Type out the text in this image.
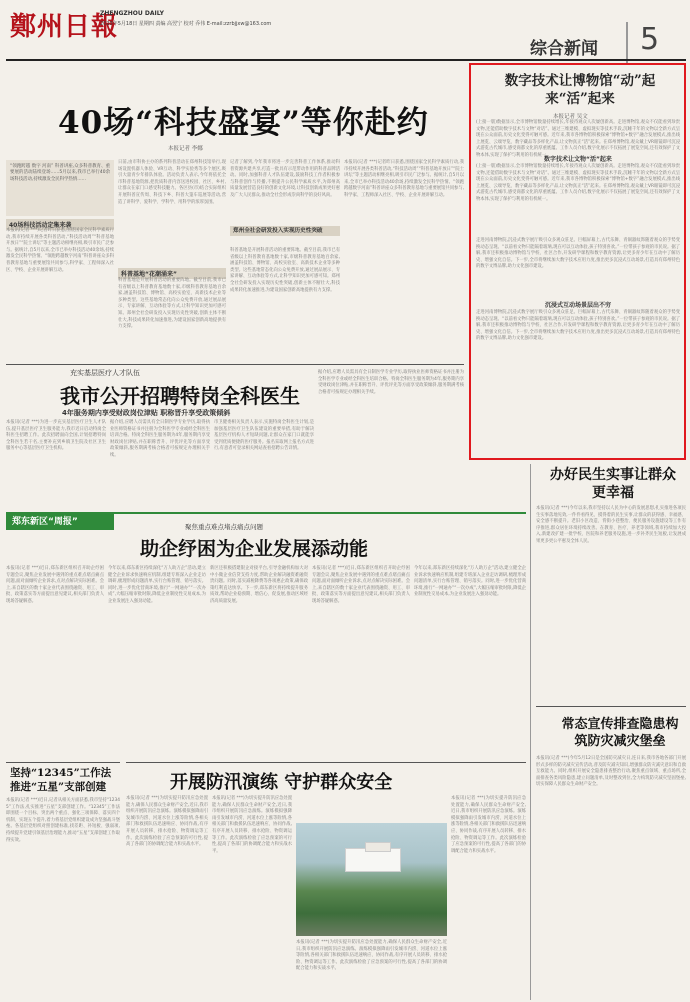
鄭州日報
ZHENGZHOU DAILY
2023年5月18日 星期四 责编 高翌宁 校对 乔伟 E-mail:zzrbjjxw@163.com
综合新闻	5
40场“科技盛宴”等你赴约
本报记者 李娜
“领跑跨越 数字 河南” 科普讲座,众多科普教育、重要展的活动陆续登场……5月以来,我市已举行40余场科技活动,持续激发全民科学热情……
40场科技活动定集来袭
本报讯(记者 ***)记者昨日获悉,围绕国家全民科学素质行动,我市持续开展各类科普活动,“科技活动周”“科普基地开放日”“院士讲坛”等主题活动相继亮相,吸引市民广泛参与。据统计,自5月以来,全市已举办科技活动40余场,持续激发全民科学热情。“领跑跨越数字河南”科普讲座众多科普教育基地与重要展馆共同参与,科学家、工程师深入社区、学校、企业开展讲解互动。
日前,由市科协主办的系列科普活动在郑州科技馆举行,现场设置机器人体验、VR互动、科学实验秀等多个展区,吸引大量青少年排队体验。活动负责人表示,今年将依托全市科普基地资源,把优质科普内容送进校园、社区、乡村,让群众在家门口感受科技魅力。各区县(市)结合实际组织开展科普宣传周、科技下乡、科普大篷车巡展等活动,营造了讲科学、爱科学、学科学、用科学的浓厚氛围。
科普基地“花潮涌来”
科普基地是开展科普活动的重要阵地。截至目前,我市已有省级以上科普教育基地数十家,市级科普教育基地百余家,涵盖科技馆、博物馆、高校实验室、高新技术企业等多种类型。这些基地常态化向公众免费开放,通过展品展示、专家讲解、互动体验等方式,让科学知识更加可感可知。郑州全社会研发投入实现历史性突破,创新主体不断壮大,科技成果转化加速推进,为建设国家创新高地提供有力支撑。
记者了解到,今年我市将进一步完善科普工作体系,推动科普资源共建共享,打造一批具有示范带动作用的科普品牌活动。同时,加强科普人才队伍建设,鼓励科技工作者积极参与科普创作与传播,不断提升公民科学素质水平,为郑州高质量发展营造良好的创新文化环境,让科技创新成果更好惠及广大人民群众,推动全社会形成崇尚科学的良好风尚。
郑州全社会研发投入实现历史性突破
科普基地是开展科普活动的重要阵地。截至目前,我市已有省级以上科普教育基地数十家,市级科普教育基地百余家,涵盖科技馆、博物馆、高校实验室、高新技术企业等多种类型。这些基地常态化向公众免费开放,通过展品展示、专家讲解、互动体验等方式,让科学知识更加可感可知。郑州全社会研发投入实现历史性突破,创新主体不断壮大,科技成果转化加速推进,为建设国家创新高地提供有力支撑。
本报讯(记者 ***)记者昨日获悉,围绕国家全民科学素质行动,我市持续开展各类科普活动,“科技活动周”“科普基地开放日”“院士讲坛”等主题活动相继亮相,吸引市民广泛参与。据统计,自5月以来,全市已举办科技活动40余场,持续激发全民科学热情。“领跑跨越数字河南”科普讲座众多科普教育基地与重要展馆共同参与,科学家、工程师深入社区、学校、企业开展讲解互动。
数字技术让博物馆“动”起来“活”起来
本报记者 吴文
(上接一版)数据显示,全市博物馆数量持续增长,年接待观众人次屡创新高。走进博物馆,观众不仅能看到珍贵文物,还能借助数字技术与文物“对话”。通过三维建模、虚拟现实等技术手段,沉睡千年的文物以全新方式呈现在公众面前,历史文化变得可触可感。近年来,我市各博物馆积极探索“博物馆+数字”融合发展模式,推出线上展览、云端导览、数字藏品等多样化产品,让文物真正“活”起来。在郑州博物馆,观众戴上VR眼镜即可沉浸式游览古代城市,感受商都文化的厚重底蕴。工作人员介绍,数字化展示不仅拓展了展览空间,还有效保护了文物本体,实现了保护与利用的有机统一。
数字技术让文物“活”起来
(上接一版)数据显示,全市博物馆数量持续增长,年接待观众人次屡创新高。走进博物馆,观众不仅能看到珍贵文物,还能借助数字技术与文物“对话”。通过三维建模、虚拟现实等技术手段,沉睡千年的文物以全新方式呈现在公众面前,历史文化变得可触可感。近年来,我市各博物馆积极探索“博物馆+数字”融合发展模式,推出线上展览、云端导览、数字藏品等多样化产品,让文物真正“活”起来。在郑州博物馆,观众戴上VR眼镜即可沉浸式游览古代城市,感受商都文化的厚重底蕴。工作人员介绍,数字化展示不仅拓展了展览空间,还有效保护了文物本体,实现了保护与利用的有机统一。
走进河南博物院,沉浸式数字展厅吸引众多观众驻足。巨幅屏幕上,古代乐舞、青铜器纹饰随着观众的手势变换动态呈现。“以前看文物只能隔着玻璃,现在可以互动体验,孩子特别喜欢。”一位带孩子参观的市民说。据了解,我市还积极推动博物馆与学校、社区合作,开发研学课程和数字教育资源,让更多青少年在互动中了解历史、增强文化自信。下一步,全市将继续加大数字技术应用力度,推出更多沉浸式互动场景,打造具有郑州特色的数字文博品牌,助力文化强市建设。
沉浸式互动场景层出不穷
走进河南博物院,沉浸式数字展厅吸引众多观众驻足。巨幅屏幕上,古代乐舞、青铜器纹饰随着观众的手势变换动态呈现。“以前看文物只能隔着玻璃,现在可以互动体验,孩子特别喜欢。”一位带孩子参观的市民说。据了解,我市还积极推动博物馆与学校、社区合作,开发研学课程和数字教育资源,让更多青少年在互动中了解历史、增强文化自信。下一步,全市将继续加大数字技术应用力度,推出更多沉浸式互动场景,打造具有郑州特色的数字文博品牌,助力文化强市建设。
充实基层医疗人才队伍
我市公开招聘特岗全科医生
4年服务期内享受财政岗位津贴 职称晋升享受政策倾斜
本报讯(记者 ***)为进一步充实基层医疗卫生人才队伍,提升基层医疗卫生服务能力,我市近日启动特岗全科医生招聘工作。此次招聘面向全国,计划招聘特岗全科医生若干名,主要补充到乡镇卫生院及社区卫生服务中心等基层医疗卫生机构。
据介绍,应聘人员需具有全日制医学专业学历,取得执业医师资格证书并注册为全科医学专业或经全科医生培训合格。特岗全科医生服务期为4年,服务期内享受财政岗位津贴,并在职称晋升、评优评先等方面享受政策倾斜,服务期满考核合格者可按规定办理相关手续。
市卫健委相关负责人表示,实施特岗全科医生计划,是加强基层医疗卫生队伍建设的重要举措,有助于解决基层医疗机构人才短缺问题,让群众在家门口就能享受到优质便捷的医疗服务。报名采取网上报名方式进行,有意者可登录相关网站查看招聘公告详情。
据介绍,应聘人员需具有全日制医学专业学历,取得执业医师资格证书并注册为全科医学专业或经全科医生培训合格。特岗全科医生服务期为4年,服务期内享受财政岗位津贴,并在职称晋升、评优评先等方面享受政策倾斜,服务期满考核合格者可按规定办理相关手续。
郑东新区“周报”	聚焦重点难点堵点痛点问题
助企纾困为企业发展添动能
本报讯(记者 ***)近日,郑东新区组织召开助企纾困专题会议,聚焦企业发展中遇到的重点难点堵点痛点问题,面对面倾听企业诉求,点对点解决实际困难。会上,来自辖区的数十家企业代表围绕融资、用工、审批、政策落实等方面提出意见建议,相关部门负责人现场答疑解惑。
今年以来,郑东新区持续深化“万人助万企”活动,建立健全企业诉求快速响应机制,组建专班深入企业走访调研,梳理形成问题清单,实行台账管理、销号落实。同时,进一步优化营商环境,推行“一网通办”“一次办成”,大幅压缩审批时限,降低企业制度性交易成本,为企业发展注入强劲动能。
新区还积极搭建银企对接平台,引导金融机构加大对中小微企业信贷支持力度,帮助企业解决融资难融资贵问题。同时,落实减税降费等各项惠企政策,确保政策红利直达快享。下一步,郑东新区将持续提升服务质效,帮助企业稳预期、增信心、促发展,推动区域经济高质量发展。
本报讯(记者 ***)近日,郑东新区组织召开助企纾困专题会议,聚焦企业发展中遇到的重点难点堵点痛点问题,面对面倾听企业诉求,点对点解决实际困难。会上,来自辖区的数十家企业代表围绕融资、用工、审批、政策落实等方面提出意见建议,相关部门负责人现场答疑解惑。
今年以来,郑东新区持续深化“万人助万企”活动,建立健全企业诉求快速响应机制,组建专班深入企业走访调研,梳理形成问题清单,实行台账管理、销号落实。同时,进一步优化营商环境,推行“一网通办”“一次办成”,大幅压缩审批时限,降低企业制度性交易成本,为企业发展注入强劲动能。
办好民生实事让群众更幸福
本报讯(记者 ***)今年以来,我市坚持以人民为中心的发展思想,扎实推进各项民生实事落地见效,一件件看得见、摸得着的民生实事,让群众的获得感、幸福感、安全感不断提升。老旧小区改造、背街小巷整治、便民服务设施建设等工作有序推进,群众居住环境持续改善。在教育、医疗、养老等领域,我市持续加大投入,新建改扩建一批学校、医院和养老服务设施,进一步补齐民生短板,让发展成果更多更公平惠及全体人民。
坚持“12345”工作法推进“五星”支部创建
本报讯(记者 ***)近日,记者从相关方面获悉,我市坚持“12345”工作法,扎实推进“五星”支部创建工作。“12345”工作法即围绕一个目标、突出两个重点、强化三项保障、落实四个机制、实现五个提升,着力将基层党组织建设成为坚强战斗堡垒。各基层党组织对照创建标准,找差距、补短板、强弱项,持续提升党建引领基层治理能力,推动“五星”支部创建工作取得实效。
开展防汛演练 守护群众安全
本报讯(记者 ***)为切实提升防汛应急处置能力,确保人民群众生命财产安全,近日,我市组织开展防汛应急演练。演练模拟强降雨引发城市内涝、河道水位上涨等险情,各相关部门和救援队伍迅速响应、协同作战,有序开展人员转移、排水抢险、物资调运等工作。此次演练检验了应急预案的可行性,提高了各部门的协调配合能力和实战水平。
本报讯(记者 ***)为切实提升防汛应急处置能力,确保人民群众生命财产安全,近日,我市组织开展防汛应急演练。演练模拟强降雨引发城市内涝、河道水位上涨等险情,各相关部门和救援队伍迅速响应、协同作战,有序开展人员转移、排水抢险、物资调运等工作。此次演练检验了应急预案的可行性,提高了各部门的协调配合能力和实战水平。
本报讯(记者 ***)为切实提升防汛应急处置能力,确保人民群众生命财产安全,近日,我市组织开展防汛应急演练。演练模拟强降雨引发城市内涝、河道水位上涨等险情,各相关部门和救援队伍迅速响应、协同作战,有序开展人员转移、排水抢险、物资调运等工作。此次演练检验了应急预案的可行性,提高了各部门的协调配合能力和实战水平。
本报讯(记者 ***)为切实提升防汛应急处置能力,确保人民群众生命财产安全,近日,我市组织开展防汛应急演练。演练模拟强降雨引发城市内涝、河道水位上涨等险情,各相关部门和救援队伍迅速响应、协同作战,有序开展人员转移、排水抢险、物资调运等工作。此次演练检验了应急预案的可行性,提高了各部门的协调配合能力和实战水平。
常态宣传排查隐患构筑防灾减灾堡垒
本报讯(记者 ***)今年5月12日是全国防灾减灾日,连日来,我市各地各部门开展形式多样的防灾减灾宣传活动,普及防灾减灾知识,增强群众防灾减灾意识和自救互救能力。同时,组织开展安全隐患排查整治行动,聚焦重点领域、重点场所,全面排查各类风险隐患,建立问题清单,及时整改到位,全力构筑防灾减灾坚固堡垒,切实保障人民群众生命财产安全。
